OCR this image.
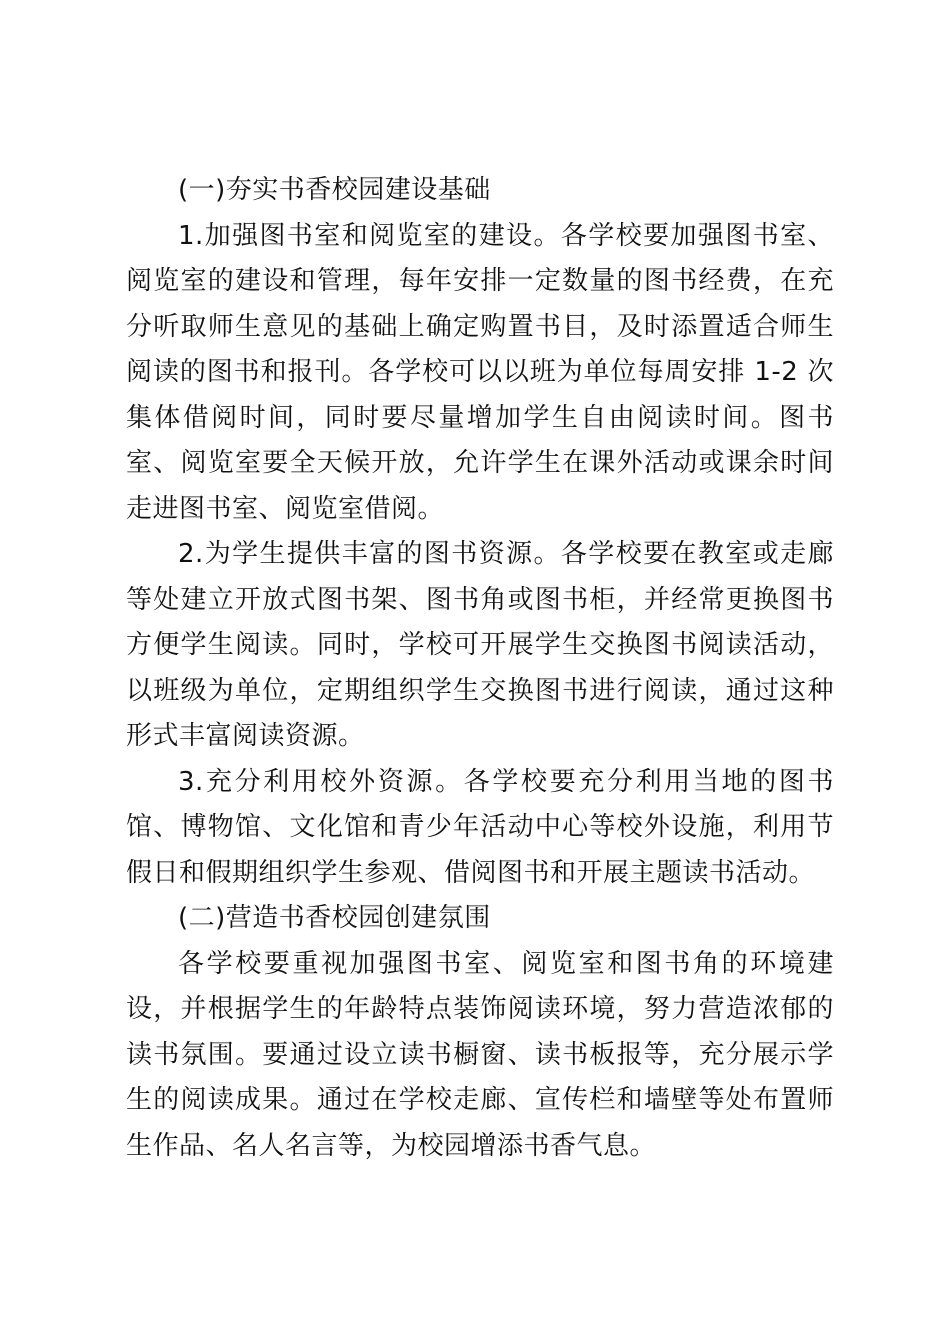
(一)夯实书香校园建设基础

1.加强图书室和阅览室的建设。各学校要加强图书室、阅览室的建设和管理，每年安排一定数量的图书经费，在充分听取师生意见的基础上确定购置书目，及时添置适合师生阅读的图书和报刊。各学校可以以班为单位每周安排 1-2 次集体借阅时间，同时要尽量增加学生自由阅读时间。图书室、阅览室要全天候开放，允许学生在课外活动或课余时间走进图书室、阅览室借阅。

2.为学生提供丰富的图书资源。各学校要在教室或走廊等处建立开放式图书架、图书角或图书柜，并经常更换图书方便学生阅读。同时，学校可开展学生交换图书阅读活动，以班级为单位，定期组织学生交换图书进行阅读，通过这种形式丰富阅读资源。

3.充分利用校外资源。各学校要充分利用当地的图书馆、博物馆、文化馆和青少年活动中心等校外设施，利用节假日和假期组织学生参观、借阅图书和开展主题读书活动。

(二)营造书香校园创建氛围

各学校要重视加强图书室、阅览室和图书角的环境建设，并根据学生的年龄特点装饰阅读环境，努力营造浓郁的读书氛围。要通过设立读书橱窗、读书板报等，充分展示学生的阅读成果。通过在学校走廊、宣传栏和墙壁等处布置师生作品、名人名言等，为校园增添书香气息。
